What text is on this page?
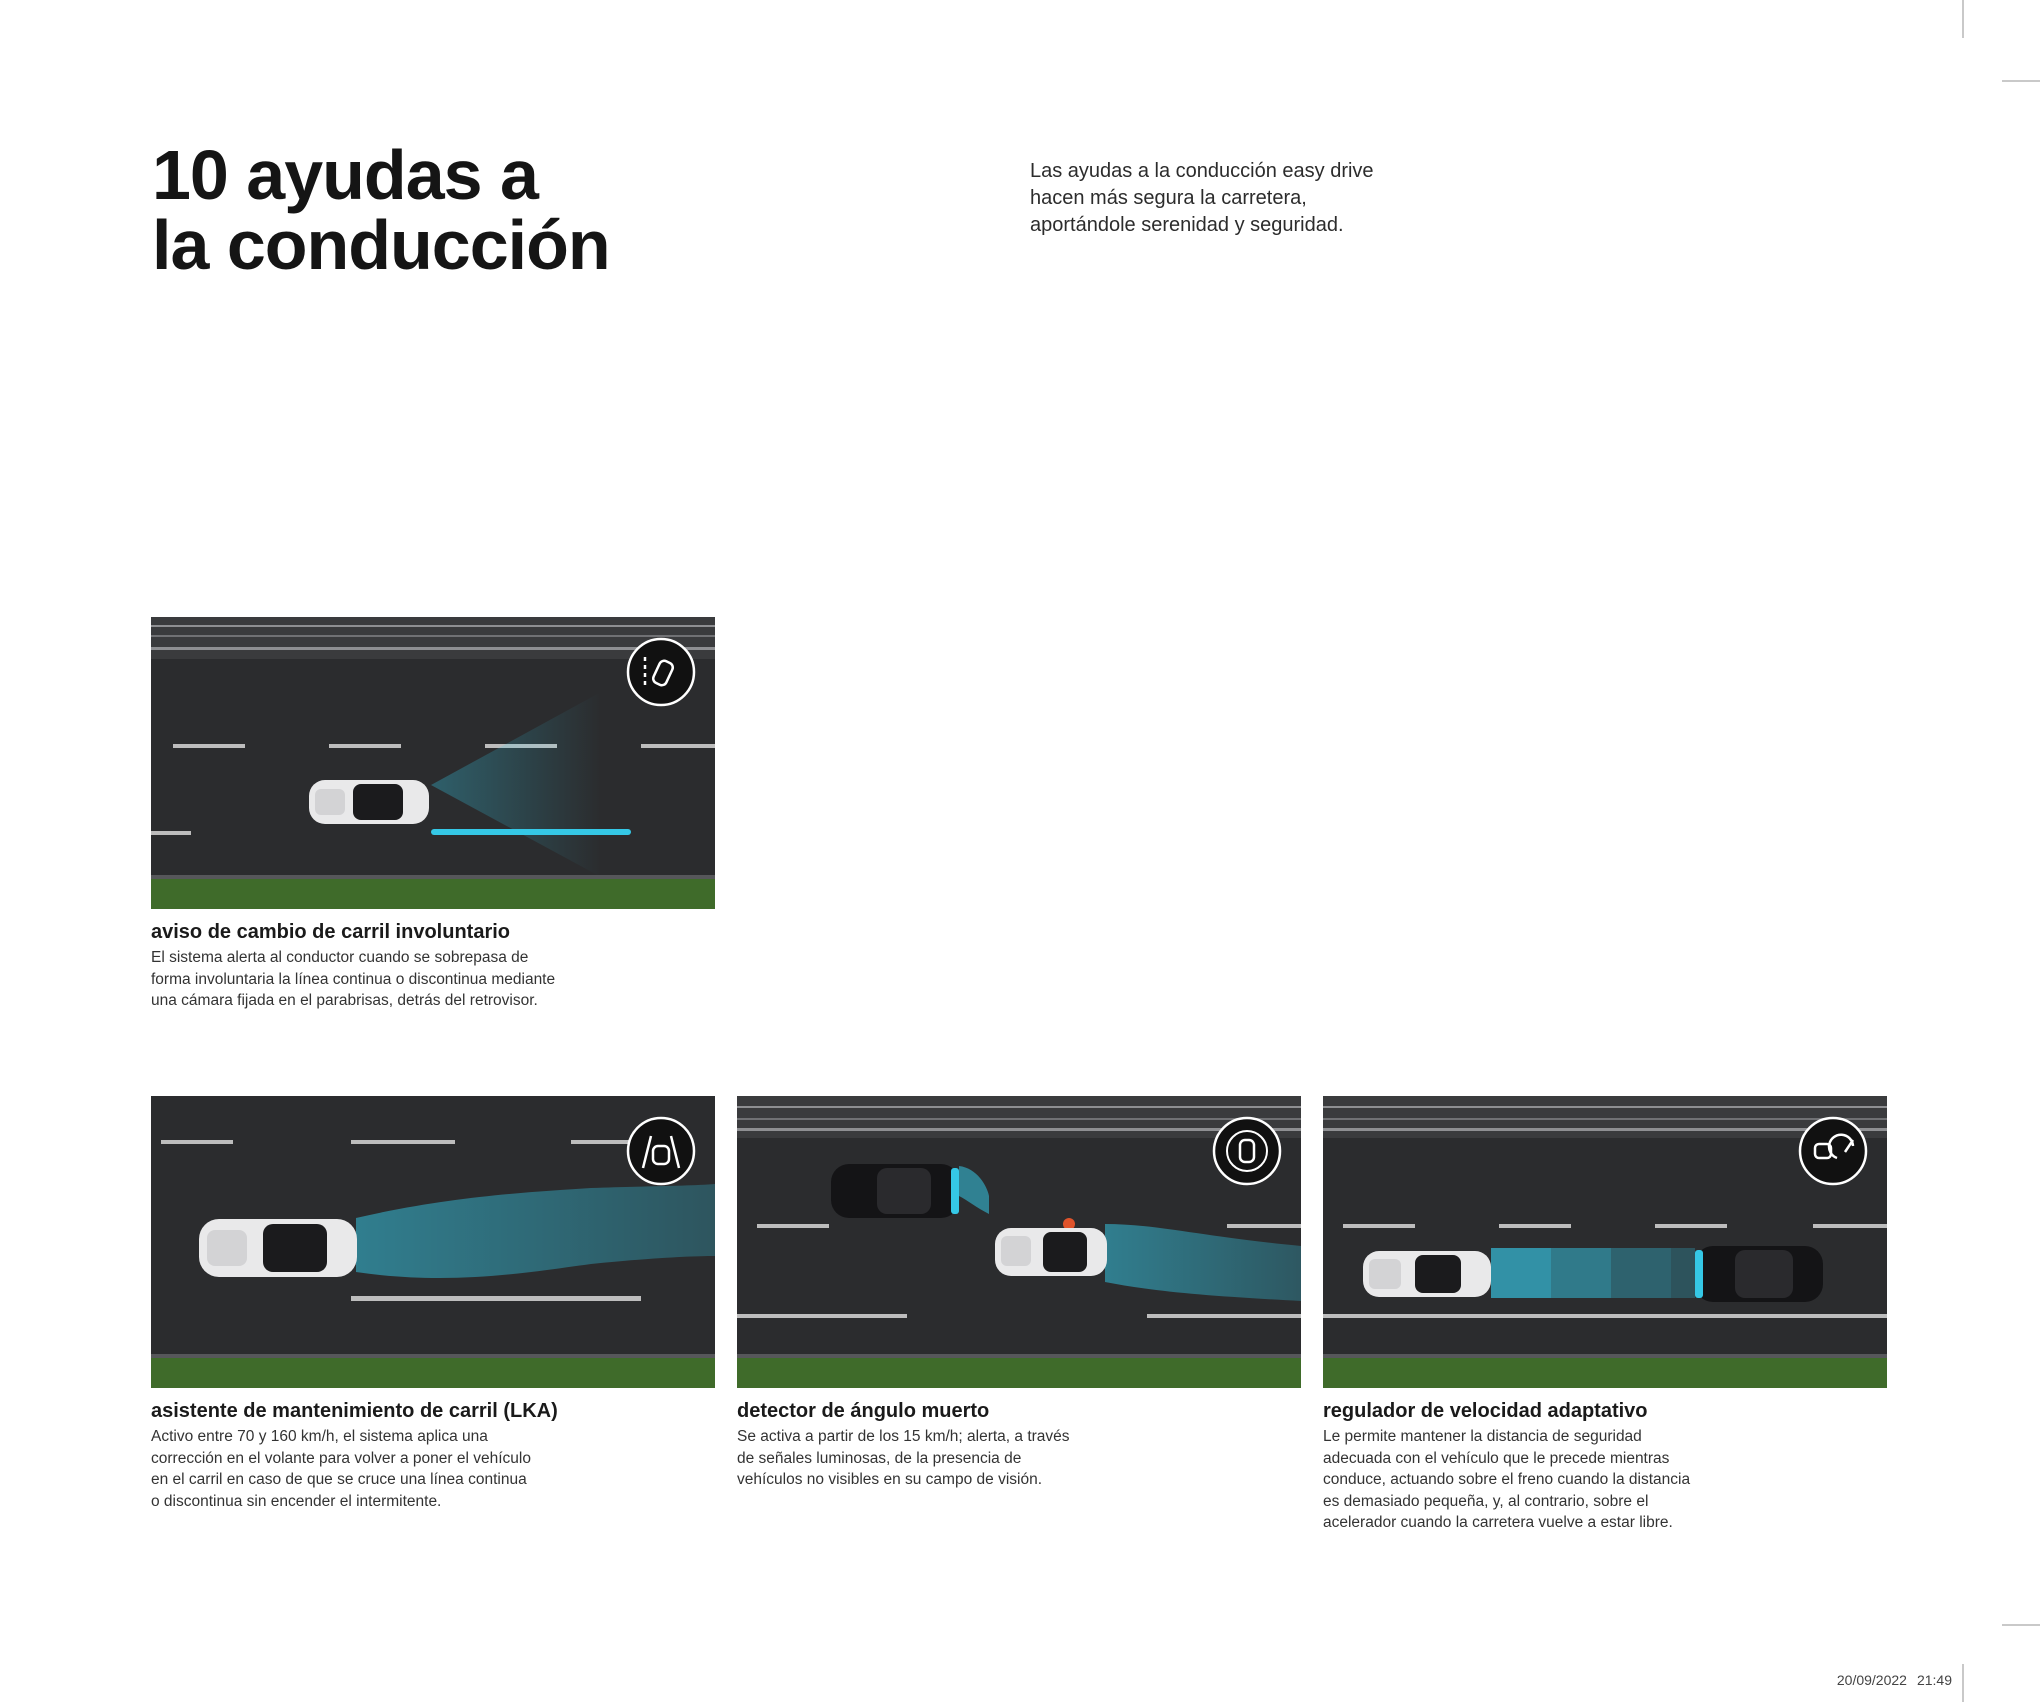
10 ayudas a
la conducción
Las ayudas a la conducción easy drive
hacen más segura la carretera,
aportándole serenidad y seguridad.
aviso de cambio de carril involuntario
El sistema alerta al conductor cuando se sobrepasa de
forma involuntaria la línea continua o discontinua mediante
una cámara fijada en el parabrisas, detrás del retrovisor.
asistente de mantenimiento de carril (LKA)
Activo entre 70 y 160 km/h, el sistema aplica una
corrección en el volante para volver a poner el vehículo
en el carril en caso de que se cruce una línea continua
o discontinua sin encender el intermitente.
detector de ángulo muerto
Se activa a partir de los 15 km/h; alerta, a través
de señales luminosas, de la presencia de
vehículos no visibles en su campo de visión.
regulador de velocidad adaptativo
Le permite mantener la distancia de seguridad
adecuada con el vehículo que le precede mientras
conduce, actuando sobre el freno cuando la distancia
es demasiado pequeña, y, al contrario, sobre el
acelerador cuando la carretera vuelve a estar libre.
20/09/2022 21:49
